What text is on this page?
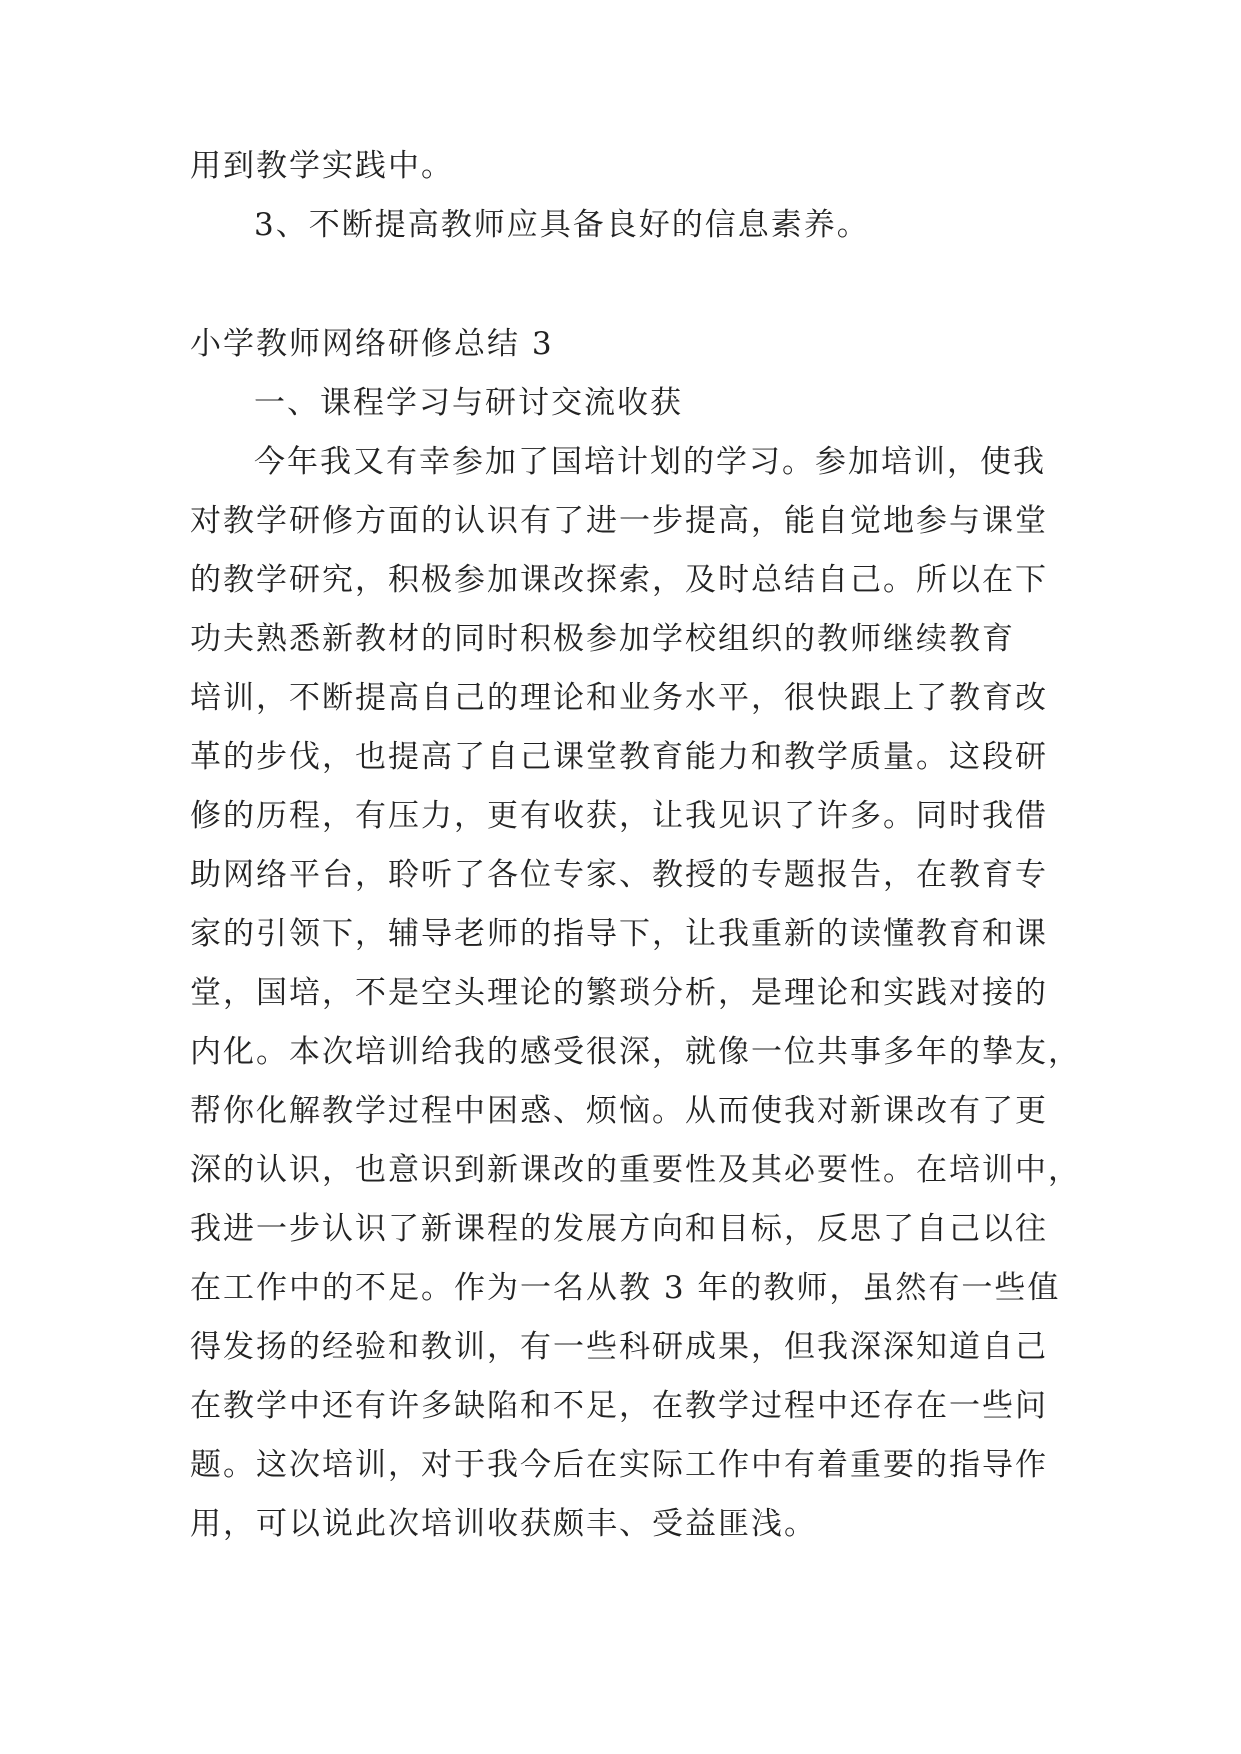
用到教学实践中。
3、不断提高教师应具备良好的信息素养。
小学教师网络研修总结 3
一、课程学习与研讨交流收获
今年我又有幸参加了国培计划的学习。参加培训，使我
对教学研修方面的认识有了进一步提高，能自觉地参与课堂
的教学研究，积极参加课改探索，及时总结自己。所以在下
功夫熟悉新教材的同时积极参加学校组织的教师继续教育
培训，不断提高自己的理论和业务水平，很快跟上了教育改
革的步伐，也提高了自己课堂教育能力和教学质量。这段研
修的历程，有压力，更有收获，让我见识了许多。同时我借
助网络平台，聆听了各位专家、教授的专题报告，在教育专
家的引领下，辅导老师的指导下，让我重新的读懂教育和课
堂，国培，不是空头理论的繁琐分析，是理论和实践对接的
内化。本次培训给我的感受很深，就像一位共事多年的挚友，
帮你化解教学过程中困惑、烦恼。从而使我对新课改有了更
深的认识，也意识到新课改的重要性及其必要性。在培训中，
我进一步认识了新课程的发展方向和目标，反思了自己以往
在工作中的不足。作为一名从教 3 年的教师，虽然有一些值
得发扬的经验和教训，有一些科研成果，但我深深知道自己
在教学中还有许多缺陷和不足，在教学过程中还存在一些问
题。这次培训，对于我今后在实际工作中有着重要的指导作
用，可以说此次培训收获颇丰、受益匪浅。
